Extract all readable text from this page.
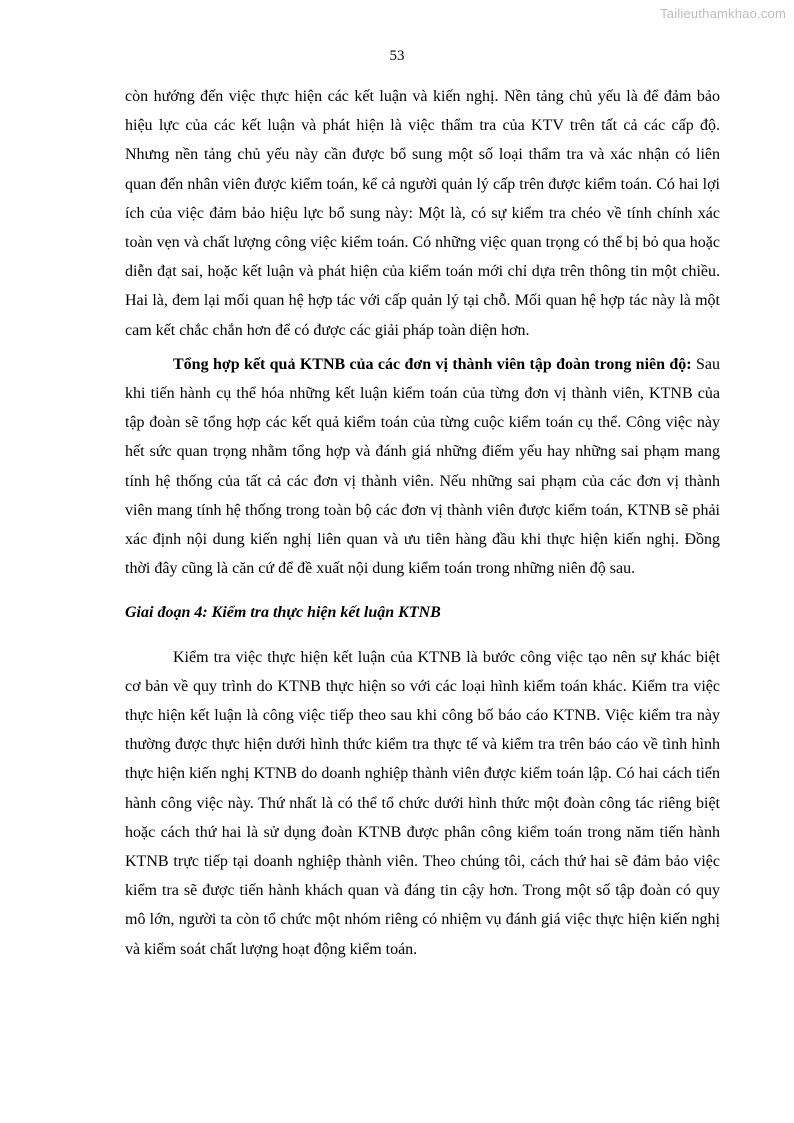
Tailieuthamkhao.com
53

còn hướng đến việc thực hiện các kết luận và kiến nghị. Nền tảng chủ yếu là để đảm bảo hiệu lực của các kết luận và phát hiện là việc thẩm tra của KTV trên tất cả các cấp độ. Nhưng nền tảng chủ yếu này cần được bổ sung một số loại thẩm tra và xác nhận có liên quan đến nhân viên được kiểm toán, kể cả người quản lý cấp trên được kiểm toán. Có hai lợi ích của việc đảm bảo hiệu lực bổ sung này: Một là, có sự kiểm tra chéo về tính chính xác toàn vẹn và chất lượng công việc kiểm toán. Có những việc quan trọng có thể bị bỏ qua hoặc diễn đạt sai, hoặc kết luận và phát hiện của kiểm toán mới chỉ dựa trên thông tin một chiều. Hai là, đem lại mối quan hệ hợp tác với cấp quản lý tại chỗ. Mối quan hệ hợp tác này là một cam kết chắc chắn hơn để có được các giải pháp toàn diện hơn.

Tổng hợp kết quả KTNB của các đơn vị thành viên tập đoàn trong niên độ: Sau khi tiến hành cụ thể hóa những kết luận kiểm toán của từng đơn vị thành viên, KTNB của tập đoàn sẽ tổng hợp các kết quả kiểm toán của từng cuộc kiểm toán cụ thể. Công việc này hết sức quan trọng nhằm tổng hợp và đánh giá những điểm yếu hay những sai phạm mang tính hệ thống của tất cả các đơn vị thành viên. Nếu những sai phạm của các đơn vị thành viên mang tính hệ thống trong toàn bộ các đơn vị thành viên được kiểm toán, KTNB sẽ phải xác định nội dung kiến nghị liên quan và ưu tiên hàng đầu khi thực hiện kiến nghị. Đồng thời đây cũng là căn cứ để đề xuất nội dung kiểm toán trong những niên độ sau.

Giai đoạn 4: Kiểm tra thực hiện kết luận KTNB

Kiểm tra việc thực hiện kết luận của KTNB là bước công việc tạo nên sự khác biệt cơ bản về quy trình do KTNB thực hiện so với các loại hình kiểm toán khác. Kiểm tra việc thực hiện kết luận là công việc tiếp theo sau khi công bố báo cáo KTNB. Việc kiểm tra này thường được thực hiện dưới hình thức kiểm tra thực tế và kiểm tra trên báo cáo về tình hình thực hiện kiến nghị KTNB do doanh nghiệp thành viên được kiểm toán lập. Có hai cách tiến hành công việc này. Thứ nhất là có thể tổ chức dưới hình thức một đoàn công tác riêng biệt hoặc cách thứ hai là sử dụng đoàn KTNB được phân công kiểm toán trong năm tiến hành KTNB trực tiếp tại doanh nghiệp thành viên. Theo chúng tôi, cách thứ hai sẽ đảm bảo việc kiểm tra sẽ được tiến hành khách quan và đáng tin cậy hơn. Trong một số tập đoàn có quy mô lớn, người ta còn tổ chức một nhóm riêng có nhiệm vụ đánh giá việc thực hiện kiến nghị và kiểm soát chất lượng hoạt động kiểm toán.
